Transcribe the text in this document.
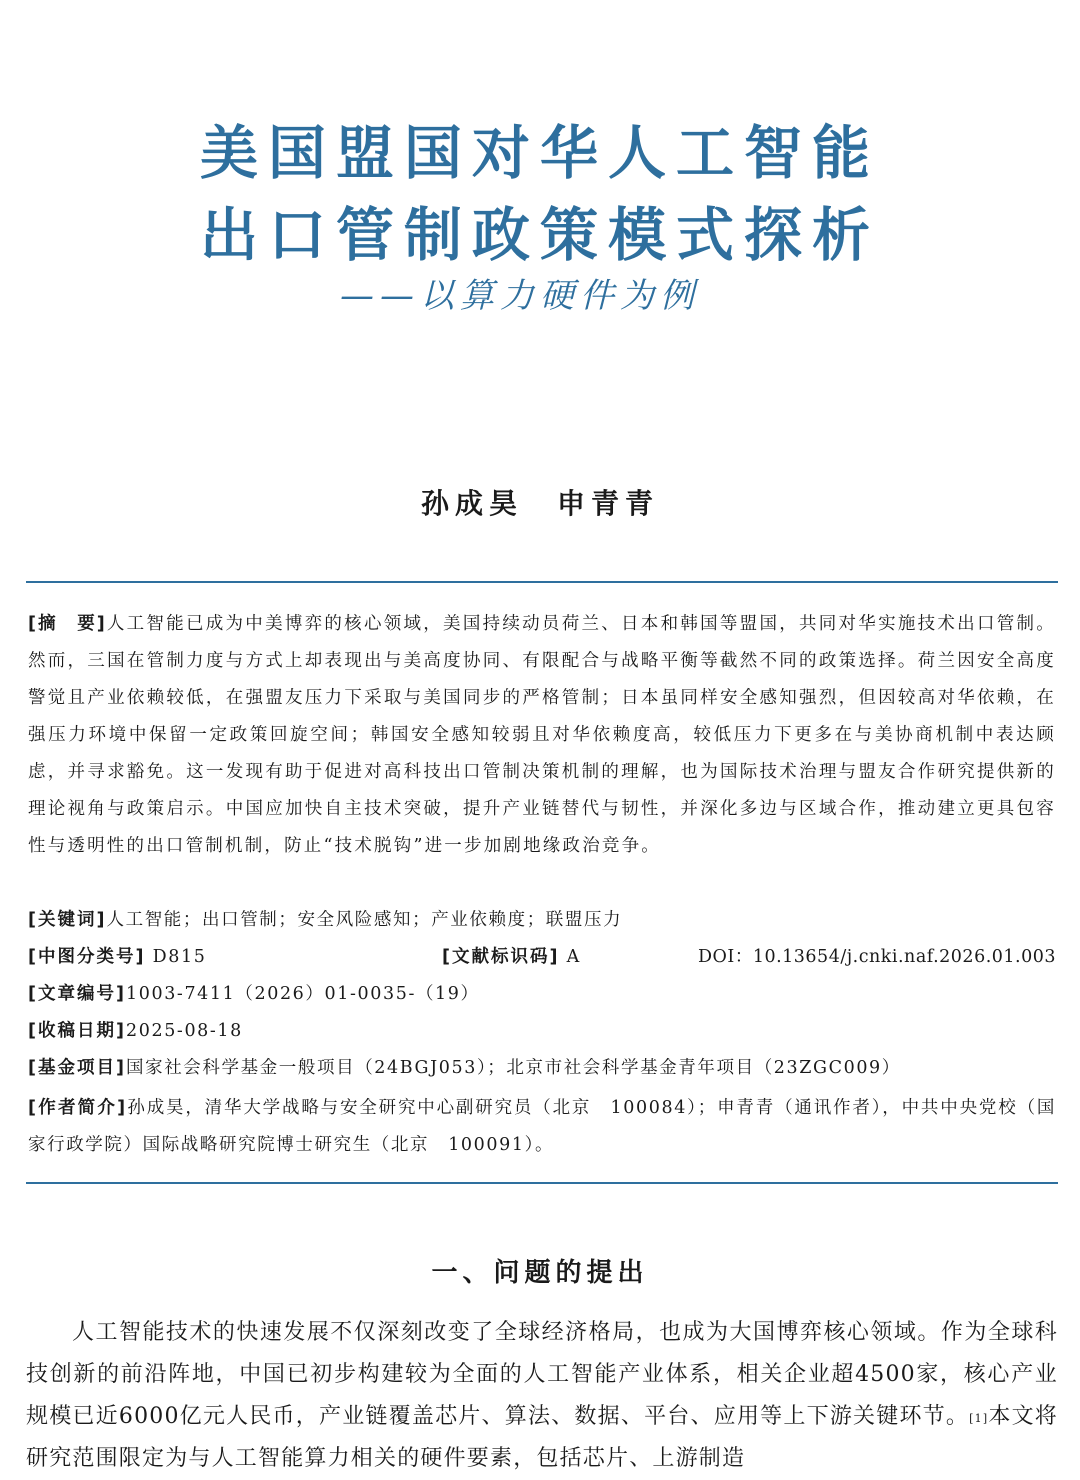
美国盟国对华人工智能
出口管制政策模式探析
——以算力硬件为例
孙成昊　申青青
[摘　要]人工智能已成为中美博弈的核心领域，美国持续动员荷兰、日本和韩国等盟国，共同对华实施技术出口管制。然而，三国在管制力度与方式上却表现出与美高度协同、有限配合与战略平衡等截然不同的政策选择。荷兰因安全高度警觉且产业依赖较低，在强盟友压力下采取与美国同步的严格管制；日本虽同样安全感知强烈，但因较高对华依赖，在强压力环境中保留一定政策回旋空间；韩国安全感知较弱且对华依赖度高，较低压力下更多在与美协商机制中表达顾虑，并寻求豁免。这一发现有助于促进对高科技出口管制决策机制的理解，也为国际技术治理与盟友合作研究提供新的理论视角与政策启示。中国应加快自主技术突破，提升产业链替代与韧性，并深化多边与区域合作，推动建立更具包容性与透明性的出口管制机制，防止“技术脱钩”进一步加剧地缘政治竞争。
[关键词]人工智能；出口管制；安全风险感知；产业依赖度；联盟压力
[中图分类号] D815	[文献标识码] A	DOI：10.13654/j.cnki.naf.2026.01.003
[文章编号]1003-7411（2026）01-0035-（19）
[收稿日期]2025-08-18
[基金项目]国家社会科学基金一般项目（24BGJ053）；北京市社会科学基金青年项目（23ZGC009）
[作者简介]孙成昊，清华大学战略与安全研究中心副研究员（北京　100084）；申青青（通讯作者），中共中央党校（国家行政学院）国际战略研究院博士研究生（北京　100091）。
一、问题的提出
人工智能技术的快速发展不仅深刻改变了全球经济格局，也成为大国博弈核心领域。作为全球科技创新的前沿阵地，中国已初步构建较为全面的人工智能产业体系，相关企业超4500家，核心产业规模已近6000亿元人民币，产业链覆盖芯片、算法、数据、平台、应用等上下游关键环节。[1]本文将研究范围限定为与人工智能算力相关的硬件要素，包括芯片、上游制造
